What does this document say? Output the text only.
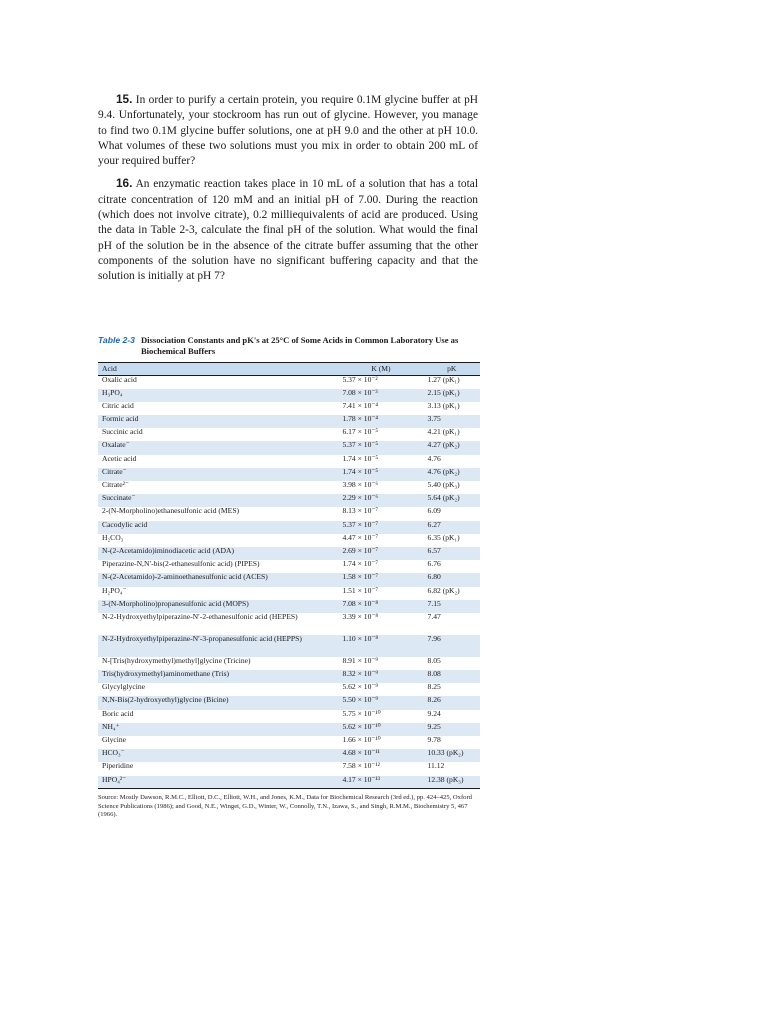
15. In order to purify a certain protein, you require 0.1M glycine buffer at pH 9.4. Unfortunately, your stockroom has run out of glycine. However, you manage to find two 0.1M glycine buffer solutions, one at pH 9.0 and the other at pH 10.0. What volumes of these two solutions must you mix in order to obtain 200 mL of your required buffer?

16. An enzymatic reaction takes place in 10 mL of a solution that has a total citrate concentration of 120 mM and an initial pH of 7.00. During the reaction (which does not involve citrate), 0.2 milliequivalents of acid are produced. Using the data in Table 2-3, calculate the final pH of the solution. What would the final pH of the solution be in the absence of the citrate buffer assuming that the other components of the solution have no significant buffering capacity and that the solution is initially at pH 7?

Table 2-3 Dissociation Constants and pK's at 25°C of Some Acids in Common Laboratory Use as Biochemical Buffers
Acid	K (M)	pK
Oxalic acid	5.37 × 10⁻²	1.27 (pK₁)
H₃PO₄	7.08 × 10⁻³	2.15 (pK₁)
Citric acid	7.41 × 10⁻⁴	3.13 (pK₁)
Formic acid	1.78 × 10⁻⁴	3.75
Succinic acid	6.17 × 10⁻⁵	4.21 (pK₁)
Oxalate⁻	5.37 × 10⁻⁵	4.27 (pK₂)
Acetic acid	1.74 × 10⁻⁵	4.76
Citrate⁻	1.74 × 10⁻⁵	4.76 (pK₂)
Citrate²⁻	3.98 × 10⁻⁶	5.40 (pK₃)
Succinate⁻	2.29 × 10⁻⁶	5.64 (pK₂)
2-(N-Morpholino)ethanesulfonic acid (MES)	8.13 × 10⁻⁷	6.09
Cacodylic acid	5.37 × 10⁻⁷	6.27
H₂CO₃	4.47 × 10⁻⁷	6.35 (pK₁)
N-(2-Acetamido)iminodiacetic acid (ADA)	2.69 × 10⁻⁷	6.57
Piperazine-N,N′-bis(2-ethanesulfonic acid) (PIPES)	1.74 × 10⁻⁷	6.76
N-(2-Acetamido)-2-aminoethanesulfonic acid (ACES)	1.58 × 10⁻⁷	6.80
H₂PO₄⁻	1.51 × 10⁻⁷	6.82 (pK₂)
3-(N-Morpholino)propanesulfonic acid (MOPS)	7.08 × 10⁻⁸	7.15
N-2-Hydroxyethylpiperazine-N′-2-ethanesulfonic acid (HEPES)	3.39 × 10⁻⁸	7.47
N-2-Hydroxyethylpiperazine-N′-3-propanesulfonic acid (HEPPS)	1.10 × 10⁻⁸	7.96
N-[Tris(hydroxymethyl)methyl]glycine (Tricine)	8.91 × 10⁻⁹	8.05
Tris(hydroxymethyl)aminomethane (Tris)	8.32 × 10⁻⁹	8.08
Glycylglycine	5.62 × 10⁻⁹	8.25
N,N-Bis(2-hydroxyethyl)glycine (Bicine)	5.50 × 10⁻⁹	8.26
Boric acid	5.75 × 10⁻¹⁰	9.24
NH₄⁺	5.62 × 10⁻¹⁰	9.25
Glycine	1.66 × 10⁻¹⁰	9.78
HCO₃⁻	4.68 × 10⁻¹¹	10.33 (pK₂)
Piperidine	7.58 × 10⁻¹²	11.12
HPO₄²⁻	4.17 × 10⁻¹³	12.38 (pK₃)
Source: Mostly Dawson, R.M.C., Elliott, D.C., Elliott, W.H., and Jones, K.M., Data for Biochemical Research (3rd ed.), pp. 424–425, Oxford Science Publications (1986); and Good, N.E., Winget, G.D., Winter, W., Connolly, T.N., Izawa, S., and Singh, R.M.M., Biochemistry 5, 467 (1966).
